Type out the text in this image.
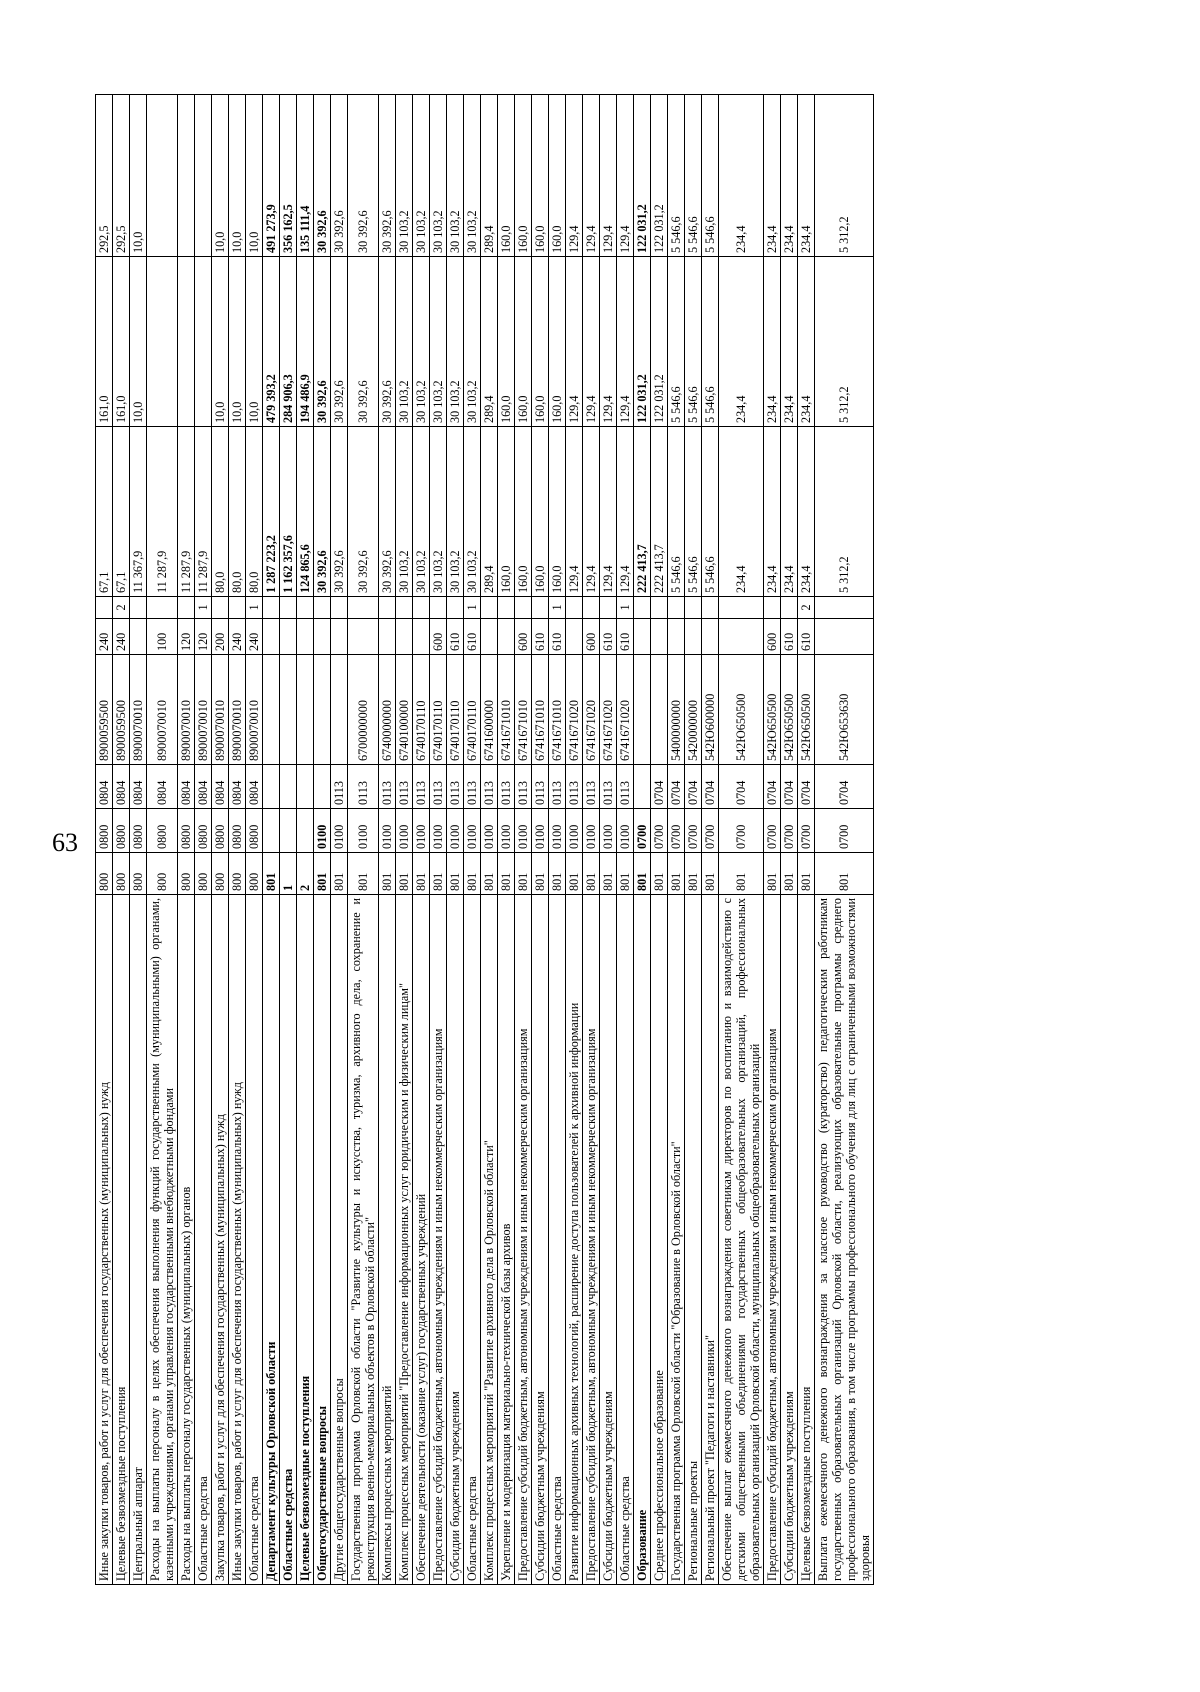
63
Иные закупки товаров, работ и услуг для обеспечения государственных (муниципальных) нужд	800	0800	0804	8900059500	240		67,1	161,0	292,5
Целевые безвозмездные поступления	800	0800	0804	8900059500	240	2	67,1	161,0	292,5
Центральный аппарат	800	0800	0804	8900070010			11 367,9	10,0	10,0
Расходы на выплаты персоналу в целях обеспечения выполнения функций государственными (муниципальными) органами, казенными учреждениями, органами управления государственными внебюджетными фондами	800	0800	0804	8900070010	100		11 287,9		
Расходы на выплаты персоналу государственных (муниципальных) органов	800	0800	0804	8900070010	120		11 287,9		
Областные средства	800	0800	0804	8900070010	120	1	11 287,9		
Закупка товаров, работ и услуг для обеспечения государственных (муниципальных) нужд	800	0800	0804	8900070010	200		80,0	10,0	10,0
Иные закупки товаров, работ и услуг для обеспечения государственных (муниципальных) нужд	800	0800	0804	8900070010	240		80,0	10,0	10,0
Областные средства	800	0800	0804	8900070010	240	1	80,0	10,0	10,0
Департамент культуры Орловской области	801						1 287 223,2	479 393,2	491 273,9
Областные средства	1						1 162 357,6	284 906,3	356 162,5
Целевые безвозмездные поступления	2						124 865,6	194 486,9	135 111,4
Общегосударственные вопросы	801	0100					30 392,6	30 392,6	30 392,6
Другие общегосударственные вопросы	801	0100	0113				30 392,6	30 392,6	30 392,6
Государственная программа Орловской области "Развитие культуры и искусства, туризма, архивного дела, сохранение и реконструкция военно-мемориальных объектов в Орловской области"	801	0100	0113	6700000000			30 392,6	30 392,6	30 392,6
Комплексы процессных мероприятий	801	0100	0113	6740000000			30 392,6	30 392,6	30 392,6
Комплекс процессных мероприятий "Предоставление информационных услуг юридическим и физическим лицам"	801	0100	0113	6740100000			30 103,2	30 103,2	30 103,2
Обеспечение деятельности (оказание услуг) государственных учреждений	801	0100	0113	6740170110			30 103,2	30 103,2	30 103,2
Предоставление субсидий бюджетным, автономным учреждениям и иным некоммерческим организациям	801	0100	0113	6740170110	600		30 103,2	30 103,2	30 103,2
Субсидии бюджетным учреждениям	801	0100	0113	6740170110	610		30 103,2	30 103,2	30 103,2
Областные средства	801	0100	0113	6740170110	610	1	30 103,2	30 103,2	30 103,2
Комплекс процессных мероприятий "Развитие архивного дела в Орловской области"	801	0100	0113	6741600000			289,4	289,4	289,4
Укрепление и модернизация материально-технической базы архивов	801	0100	0113	6741671010			160,0	160,0	160,0
Предоставление субсидий бюджетным, автономным учреждениям и иным некоммерческим организациям	801	0100	0113	6741671010	600		160,0	160,0	160,0
Субсидии бюджетным учреждениям	801	0100	0113	6741671010	610		160,0	160,0	160,0
Областные средства	801	0100	0113	6741671010	610	1	160,0	160,0	160,0
Развитие информационных архивных технологий, расширение доступа пользователей к архивной информации	801	0100	0113	6741671020			129,4	129,4	129,4
Предоставление субсидий бюджетным, автономным учреждениям и иным некоммерческим организациям	801	0100	0113	6741671020	600		129,4	129,4	129,4
Субсидии бюджетным учреждениям	801	0100	0113	6741671020	610		129,4	129,4	129,4
Областные средства	801	0100	0113	6741671020	610	1	129,4	129,4	129,4
Образование	801	0700					222 413,7	122 031,2	122 031,2
Среднее профессиональное образование	801	0700	0704				222 413,7	122 031,2	122 031,2
Государственная программа Орловской области "Образование в Орловской области"	801	0700	0704	5400000000			5 546,6	5 546,6	5 546,6
Региональные проекты	801	0700	0704	5420000000			5 546,6	5 546,6	5 546,6
Региональный проект "Педагоги и наставники"	801	0700	0704	542Ю600000			5 546,6	5 546,6	5 546,6
Обеспечение выплат ежемесячного денежного вознаграждения советникам директоров по воспитанию и взаимодействию с детскими общественными объединениями государственных общеобразовательных организаций, профессиональных образовательных организаций Орловской области, муниципальных общеобразовательных организаций	801	0700	0704	542Ю650500			234,4	234,4	234,4
Предоставление субсидий бюджетным, автономным учреждениям и иным некоммерческим организациям	801	0700	0704	542Ю650500	600		234,4	234,4	234,4
Субсидии бюджетным учреждениям	801	0700	0704	542Ю650500	610		234,4	234,4	234,4
Целевые безвозмездные поступления	801	0700	0704	542Ю650500	610	2	234,4	234,4	234,4
Выплата ежемесячного денежного вознаграждения за классное руководство (кураторство) педагогическим работникам государственных образовательных организаций Орловской области, реализующих образовательные программы среднего профессионального образования, в том числе программы профессионального обучения для лиц с ограниченными возможностями здоровья	801	0700	0704	542Ю653630			5 312,2	5 312,2	5 312,2
